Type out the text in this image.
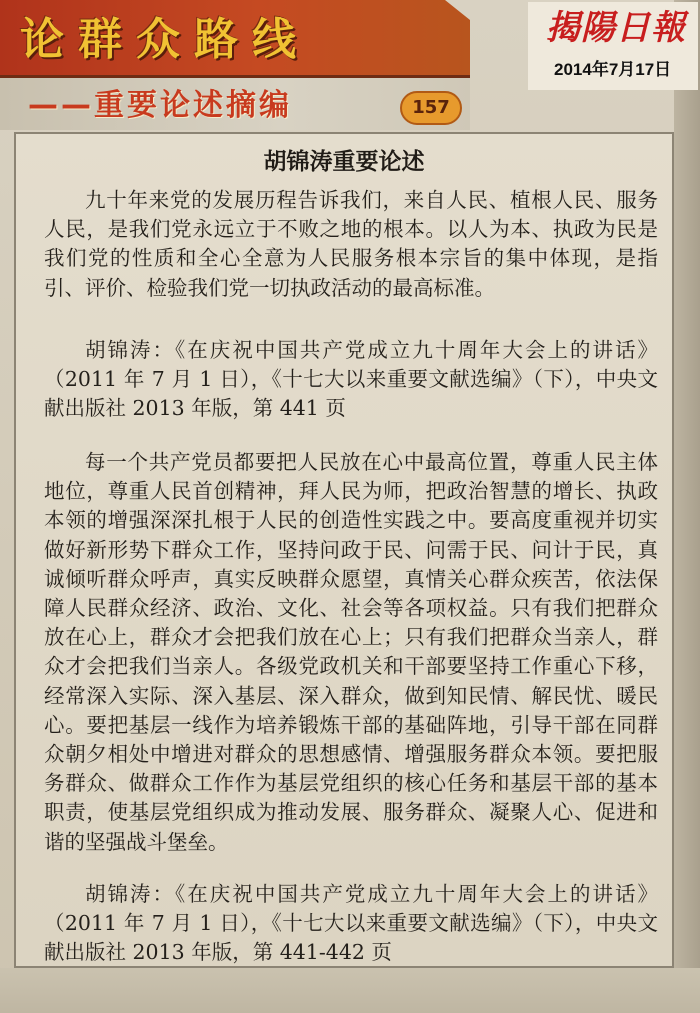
论群众路线
——重要论述摘编	157
揭陽日報
2014年7月17日
胡锦涛重要论述

九十年来党的发展历程告诉我们，来自人民、植根人民、服务人民，是我们党永远立于不败之地的根本。以人为本、执政为民是我们党的性质和全心全意为人民服务根本宗旨的集中体现，是指引、评价、检验我们党一切执政活动的最高标准。

胡锦涛：《在庆祝中国共产党成立九十周年大会上的讲话》（2011 年 7 月 1 日），《十七大以来重要文献选编》（下），中央文献出版社 2013 年版，第 441 页

每一个共产党员都要把人民放在心中最高位置，尊重人民主体地位，尊重人民首创精神，拜人民为师，把政治智慧的增长、执政本领的增强深深扎根于人民的创造性实践之中。要高度重视并切实做好新形势下群众工作，坚持问政于民、问需于民、问计于民，真诚倾听群众呼声，真实反映群众愿望，真情关心群众疾苦，依法保障人民群众经济、政治、文化、社会等各项权益。只有我们把群众放在心上，群众才会把我们放在心上；只有我们把群众当亲人，群众才会把我们当亲人。各级党政机关和干部要坚持工作重心下移，经常深入实际、深入基层、深入群众，做到知民情、解民忧、暖民心。要把基层一线作为培养锻炼干部的基础阵地，引导干部在同群众朝夕相处中增进对群众的思想感情、增强服务群众本领。要把服务群众、做群众工作作为基层党组织的核心任务和基层干部的基本职责，使基层党组织成为推动发展、服务群众、凝聚人心、促进和谐的坚强战斗堡垒。

胡锦涛：《在庆祝中国共产党成立九十周年大会上的讲话》（2011 年 7 月 1 日），《十七大以来重要文献选编》（下），中央文献出版社 2013 年版，第 441-442 页
